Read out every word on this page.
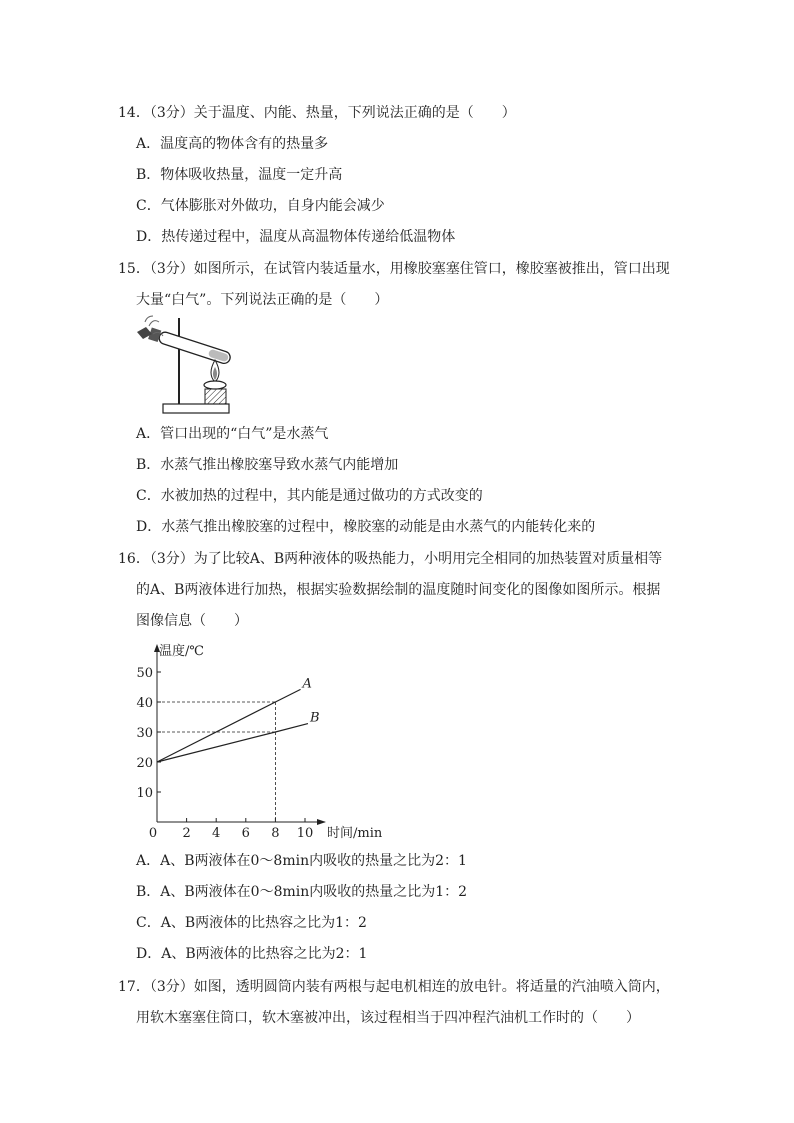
14．（3分）关于温度、内能、热量，下列说法正确的是（　　）
A．温度高的物体含有的热量多
B．物体吸收热量，温度一定升高
C．气体膨胀对外做功，自身内能会减少
D．热传递过程中，温度从高温物体传递给低温物体
15．（3分）如图所示，在试管内装适量水，用橡胶塞塞住管口，橡胶塞被推出，管口出现
大量“白气”。下列说法正确的是（　　）
A．管口出现的“白气”是水蒸气
B．水蒸气推出橡胶塞导致水蒸气内能增加
C．水被加热的过程中，其内能是通过做功的方式改变的
D．水蒸气推出橡胶塞的过程中，橡胶塞的动能是由水蒸气的内能转化来的
16．（3分）为了比较A、B两种液体的吸热能力，小明用完全相同的加热装置对质量相等
的A、B两液体进行加热，根据实验数据绘制的温度随时间变化的图像如图所示。根据
图像信息（　　）
10
20
30
40
50
0 2 4 6 8 10
A
B
温度/℃
时间/min
A．A、B两液体在0～8min内吸收的热量之比为2：1
B．A、B两液体在0～8min内吸收的热量之比为1：2
C．A、B两液体的比热容之比为1：2
D．A、B两液体的比热容之比为2：1
17．（3分）如图，透明圆筒内装有两根与起电机相连的放电针。将适量的汽油喷入筒内，
用软木塞塞住筒口，软木塞被冲出，该过程相当于四冲程汽油机工作时的（　　）
